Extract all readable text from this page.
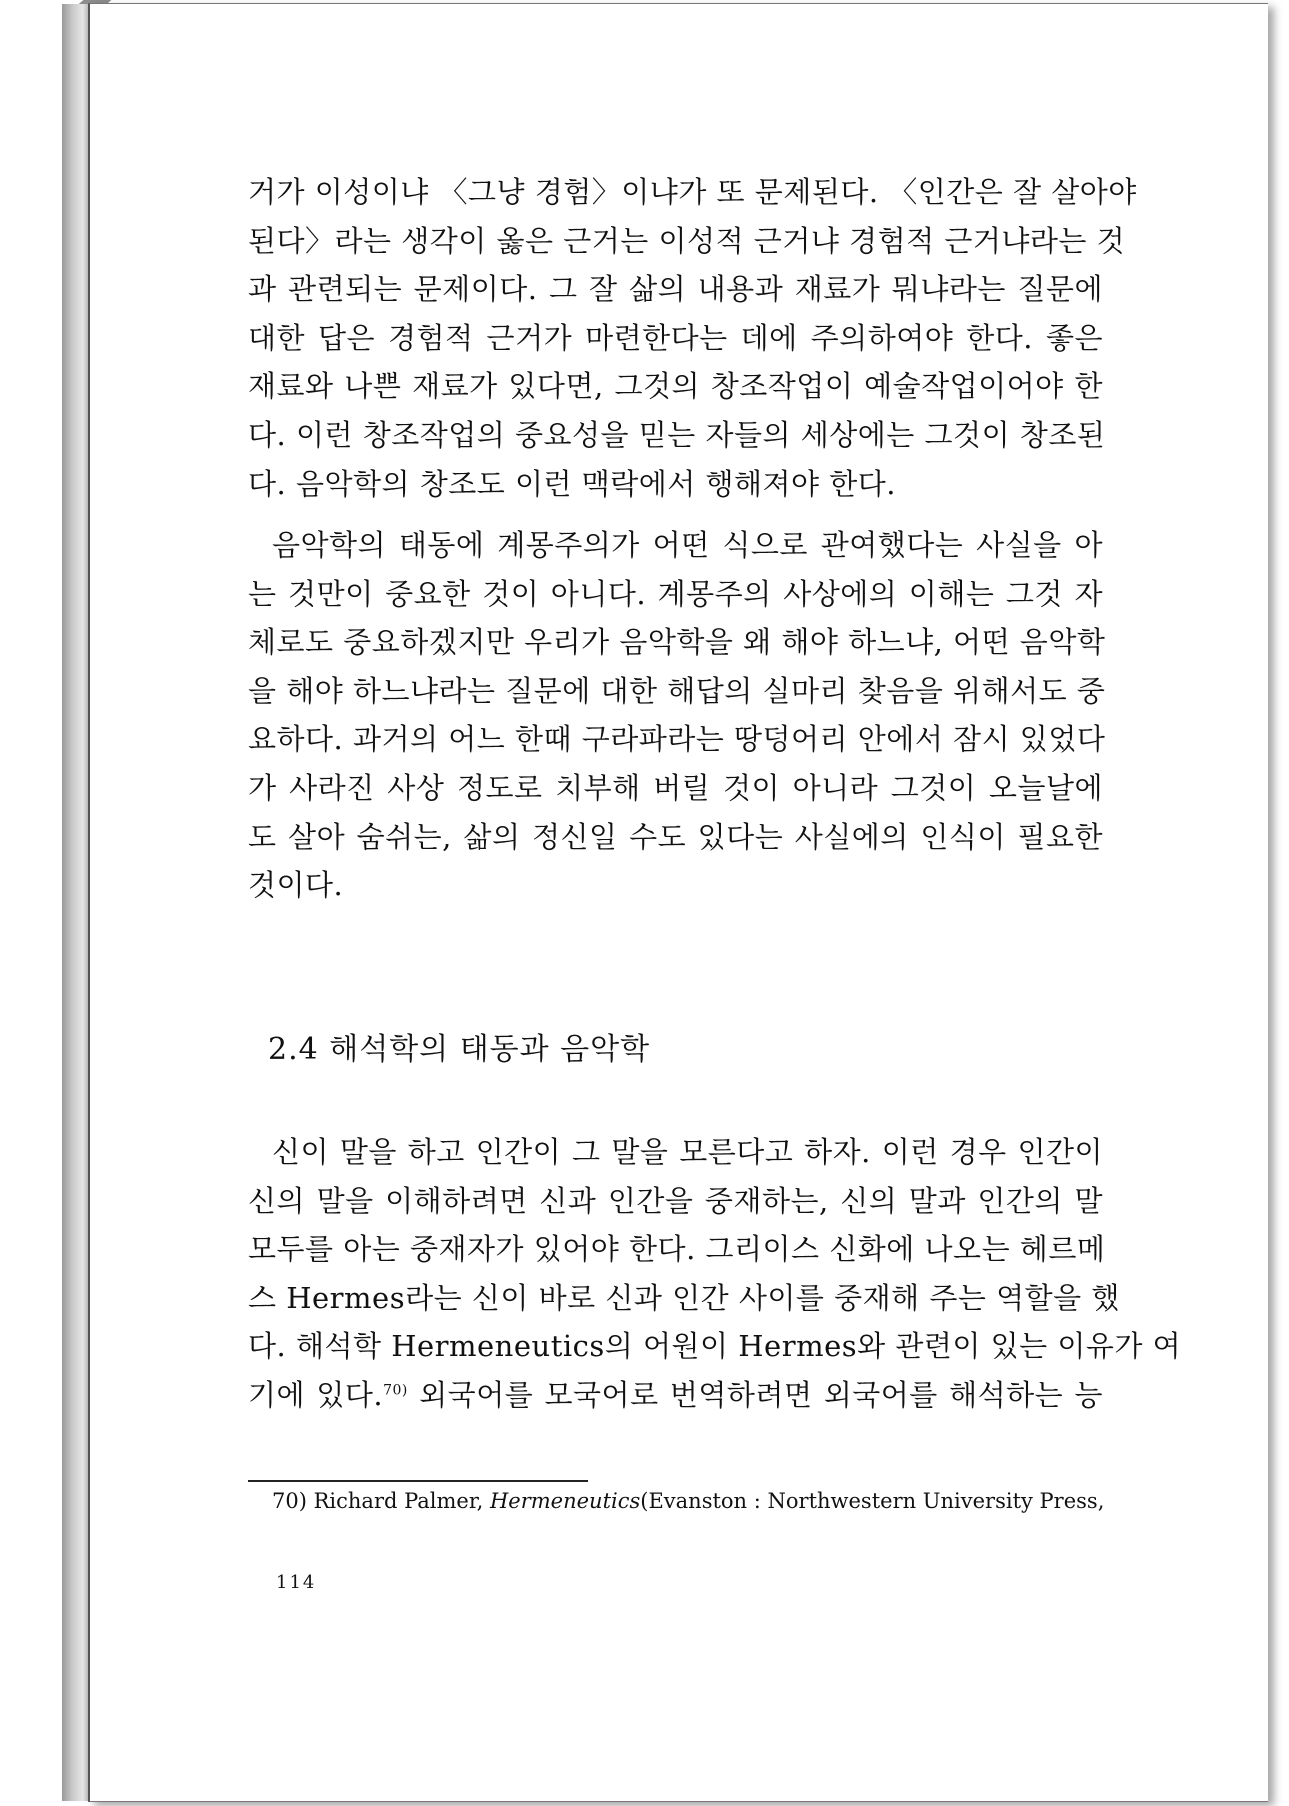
거가 이성이냐 〈그냥 경험〉이냐가 또 문제된다. 〈인간은 잘 살아야
된다〉라는 생각이 옳은 근거는 이성적 근거냐 경험적 근거냐라는 것
과 관련되는 문제이다. 그 잘 삶의 내용과 재료가 뭐냐라는 질문에
대한 답은 경험적 근거가 마련한다는 데에 주의하여야 한다. 좋은
재료와 나쁜 재료가 있다면, 그것의 창조작업이 예술작업이어야 한
다. 이런 창조작업의 중요성을 믿는 자들의 세상에는 그것이 창조된
다. 음악학의 창조도 이런 맥락에서 행해져야 한다.
음악학의 태동에 계몽주의가 어떤 식으로 관여했다는 사실을 아
는 것만이 중요한 것이 아니다. 계몽주의 사상에의 이해는 그것 자
체로도 중요하겠지만 우리가 음악학을 왜 해야 하느냐, 어떤 음악학
을 해야 하느냐라는 질문에 대한 해답의 실마리 찾음을 위해서도 중
요하다. 과거의 어느 한때 구라파라는 땅덩어리 안에서 잠시 있었다
가 사라진 사상 정도로 치부해 버릴 것이 아니라 그것이 오늘날에
도 살아 숨쉬는, 삶의 정신일 수도 있다는 사실에의 인식이 필요한
것이다.
2.4 해석학의 태동과 음악학
신이 말을 하고 인간이 그 말을 모른다고 하자. 이런 경우 인간이
신의 말을 이해하려면 신과 인간을 중재하는, 신의 말과 인간의 말
모두를 아는 중재자가 있어야 한다. 그리이스 신화에 나오는 헤르메
스 Hermes라는 신이 바로 신과 인간 사이를 중재해 주는 역할을 했
다. 해석학 Hermeneutics의 어원이 Hermes와 관련이 있는 이유가 여
기에 있다.$^{70)}$ 외국어를 모국어로 번역하려면 외국어를 해석하는 능
70) Richard Palmer, Hermeneutics(Evanston : Northwestern University Press,
114
